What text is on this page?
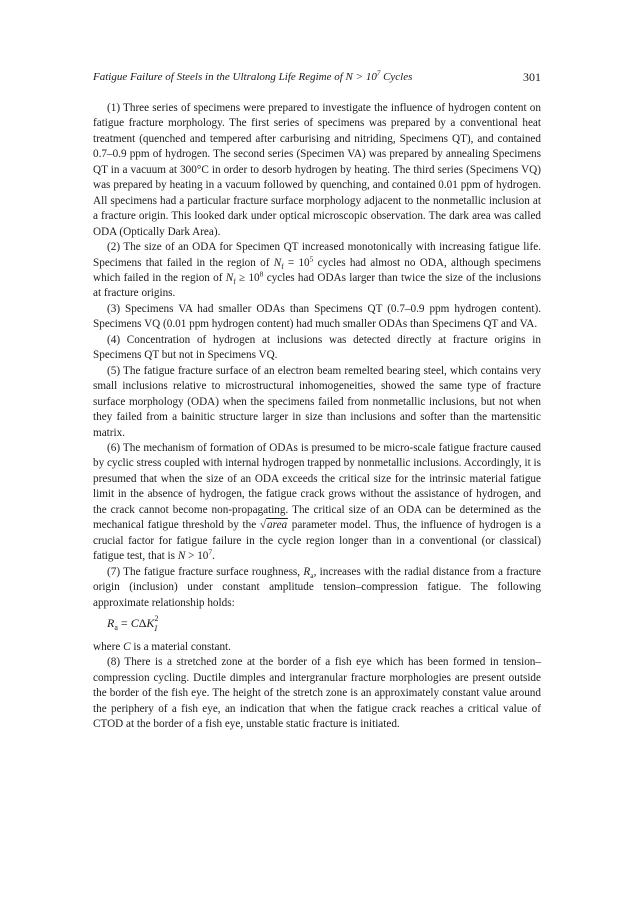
Fatigue Failure of Steels in the Ultralong Life Regime of $N > 10^7$ Cycles	301

(1) Three series of specimens were prepared to investigate the influence of hydrogen content on fatigue fracture morphology. The first series of specimens was prepared by a conventional heat treatment (quenched and tempered after carburising and nitriding, Specimens QT), and contained 0.7–0.9 ppm of hydrogen. The second series (Specimen VA) was prepared by annealing Specimens QT in a vacuum at 300°C in order to desorb hydrogen by heating. The third series (Specimens VQ) was prepared by heating in a vacuum followed by quenching, and contained 0.01 ppm of hydrogen. All specimens had a particular fracture surface morphology adjacent to the nonmetallic inclusion at a fracture origin. This looked dark under optical microscopic observation. The dark area was called ODA (Optically Dark Area).

(2) The size of an ODA for Specimen QT increased monotonically with increasing fatigue life. Specimens that failed in the region of $N_f = 10^5$ cycles had almost no ODA, although specimens which failed in the region of $N_f \ge 10^8$ cycles had ODAs larger than twice the size of the inclusions at fracture origins.

(3) Specimens VA had smaller ODAs than Specimens QT (0.7–0.9 ppm hydrogen content). Specimens VQ (0.01 ppm hydrogen content) had much smaller ODAs than Specimens QT and VA.

(4) Concentration of hydrogen at inclusions was detected directly at fracture origins in Specimens QT but not in Specimens VQ.

(5) The fatigue fracture surface of an electron beam remelted bearing steel, which contains very small inclusions relative to microstructural inhomogeneities, showed the same type of fracture surface morphology (ODA) when the specimens failed from nonmetallic inclusions, but not when they failed from a bainitic structure larger in size than inclusions and softer than the martensitic matrix.

(6) The mechanism of formation of ODAs is presumed to be micro-scale fatigue fracture caused by cyclic stress coupled with internal hydrogen trapped by nonmetallic inclusions. Accordingly, it is presumed that when the size of an ODA exceeds the critical size for the intrinsic material fatigue limit in the absence of hydrogen, the fatigue crack grows without the assistance of hydrogen, and the crack cannot become non-propagating. The critical size of an ODA can be determined as the mechanical fatigue threshold by the √area parameter model. Thus, the influence of hydrogen is a crucial factor for fatigue failure in the cycle region longer than in a conventional (or classical) fatigue test, that is $N > 10^7$.

(7) The fatigue fracture surface roughness, $R_a$, increases with the radial distance from a fracture origin (inclusion) under constant amplitude tension–compression fatigue. The following approximate relationship holds:

$R_a = C\Delta K$ 2
I

where C is a material constant.

(8) There is a stretched zone at the border of a fish eye which has been formed in tension–compression cycling. Ductile dimples and intergranular fracture morphologies are present outside the border of the fish eye. The height of the stretch zone is an approximately constant value around the periphery of a fish eye, an indication that when the fatigue crack reaches a critical value of CTOD at the border of a fish eye, unstable static fracture is initiated.
